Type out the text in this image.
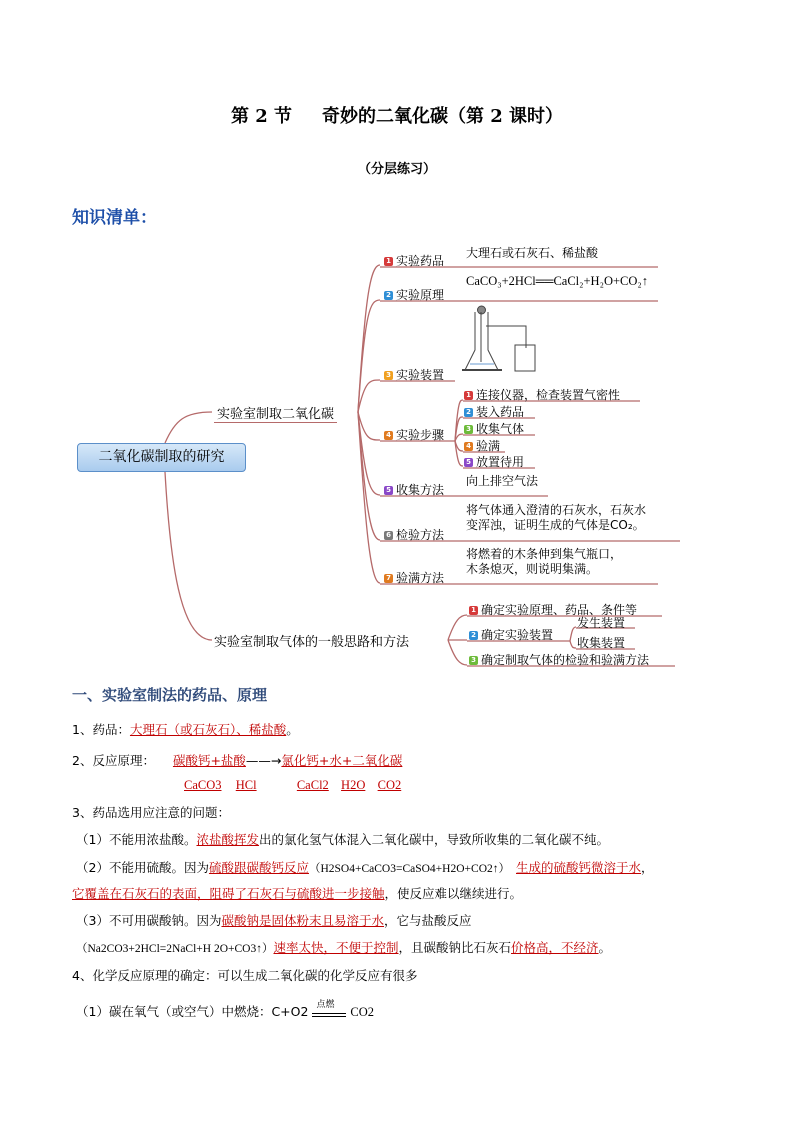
第 2 节 奇妙的二氧化碳（第 2 课时）
（分层练习）
知识清单：
二氧化碳制取的研究
实验室制取二氧化碳
实验室制取气体的一般思路和方法
1 实验药品
大理石或石灰石、稀盐酸
2 实验原理
CaCO₃+2HCl══CaCl₂+H₂O+CO₂↑
3 实验装置
4 实验步骤
5 收集方法
向上排空气法
6 检验方法
将气体通入澄清的石灰水，石灰水
变浑浊，证明生成的气体是CO₂。
7 验满方法
将燃着的木条伸到集气瓶口，
木条熄灭，则说明集满。
1 连接仪器，检查装置气密性
2 装入药品
3 收集气体
4 验满
5 放置待用
1 确定实验原理、药品、条件等
2 确定实验装置
3 确定制取气体的检验和验满方法
发生装置
收集装置
一、实验室制法的药品、原理
1、药品：大理石（或石灰石）、稀盐酸。
2、反应原理： 碳酸钙+盐酸——→氯化钙+水+二氧化碳
CaCO3 HCl	CaCl2 H2O CO2
3、药品选用应注意的问题：
（1）不能用浓盐酸。浓盐酸挥发出的氯化氢气体混入二氧化碳中，导致所收集的二氧化碳不纯。
（2）不能用硫酸。因为硫酸跟碳酸钙反应（H2SO4+CaCO3=CaSO4+H2O+CO2↑） 生成的硫酸钙微溶于水，
它覆盖在石灰石的表面，阻碍了石灰石与硫酸进一步接触，使反应难以继续进行。
（3）不可用碳酸钠。因为碳酸钠是固体粉末且易溶于水，它与盐酸反应
（Na2CO3+2HCl=2NaCl+H 2O+CO3↑）速率太快，不便于控制，且碳酸钠比石灰石价格高，不经济。
4、化学反应原理的确定：可以生成二氧化碳的化学反应有很多
（1）碳在氧气（或空气）中燃烧：C+O2 点燃
CO2
